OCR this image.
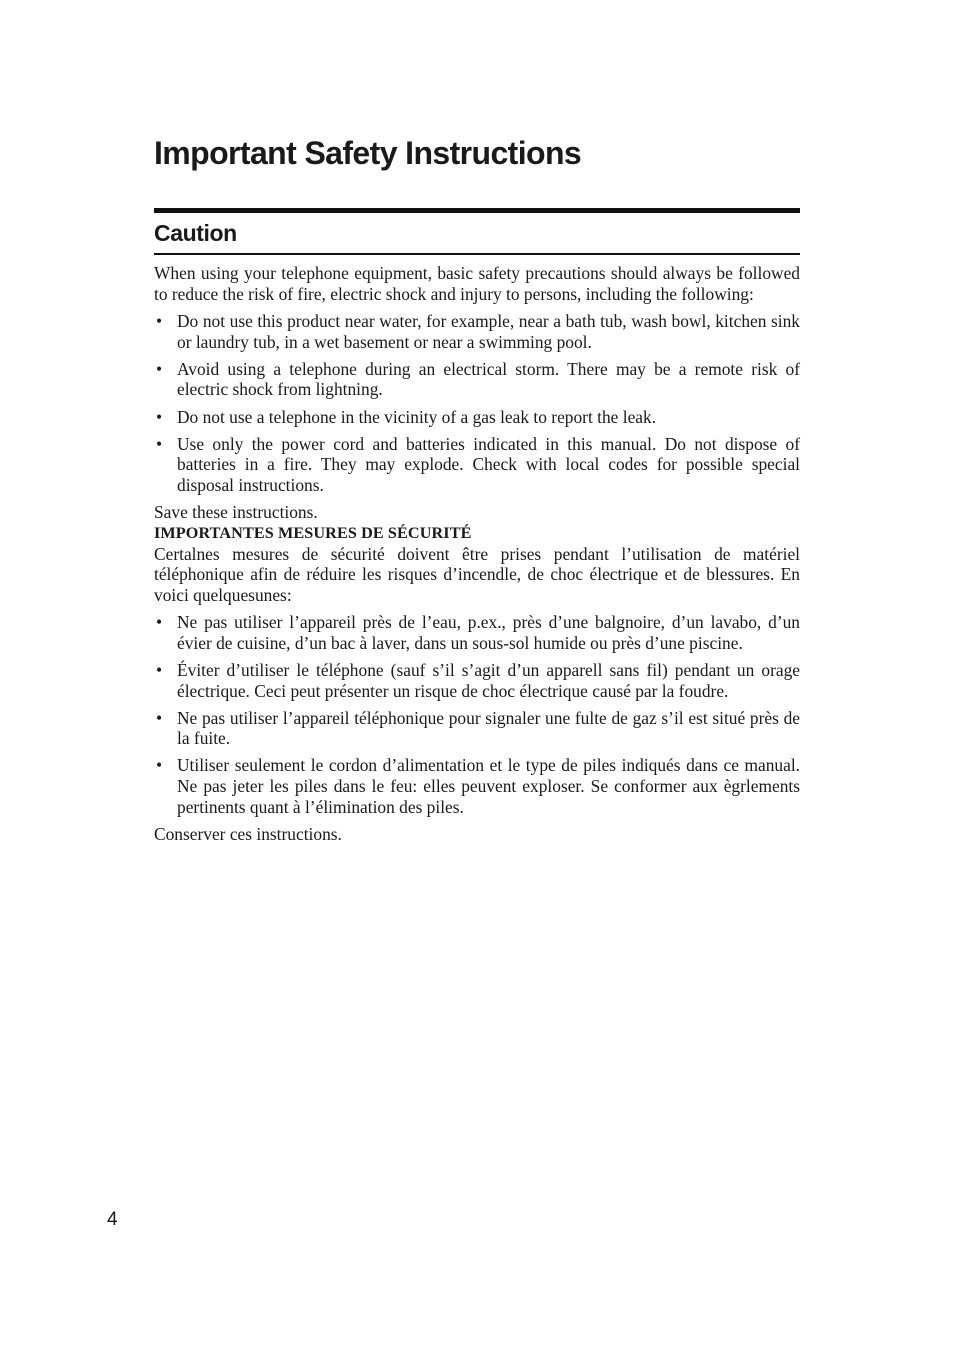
Important Safety Instructions
Caution

When using your telephone equipment, basic safety precautions should always be followed to reduce the risk of fire, electric shock and injury to persons, including the following:

• Do not use this product near water, for example, near a bath tub, wash bowl, kitchen sink or laundry tub, in a wet basement or near a swimming pool.
• Avoid using a telephone during an electrical storm. There may be a remote risk of electric shock from lightning.
• Do not use a telephone in the vicinity of a gas leak to report the leak.
• Use only the power cord and batteries indicated in this manual. Do not dispose of batteries in a fire. They may explode. Check with local codes for possible special disposal instructions.

Save these instructions.

IMPORTANTES MESURES DE SÉCURITÉ

Certalnes mesures de sécurité doivent être prises pendant l’utilisation de matériel téléphonique afin de réduire les risques d’incendle, de choc électrique et de blessures. En voici quelquesunes:

• Ne pas utiliser l’appareil près de l’eau, p.ex., près d’une balgnoire, d’un lavabo, d’un évier de cuisine, d’un bac à laver, dans un sous-sol humide ou près d’une piscine.
• Éviter d’utiliser le téléphone (sauf s’il s’agit d’un apparell sans fil) pendant un orage électrique. Ceci peut présenter un risque de choc électrique causé par la foudre.
• Ne pas utiliser l’appareil téléphonique pour signaler une fulte de gaz s’il est situé près de la fuite.
• Utiliser seulement le cordon d’alimentation et le type de piles indiqués dans ce manual. Ne pas jeter les piles dans le feu: elles peuvent exploser. Se conformer aux ègrlements pertinents quant à l’élimination des piles.

Conserver ces instructions.

4
